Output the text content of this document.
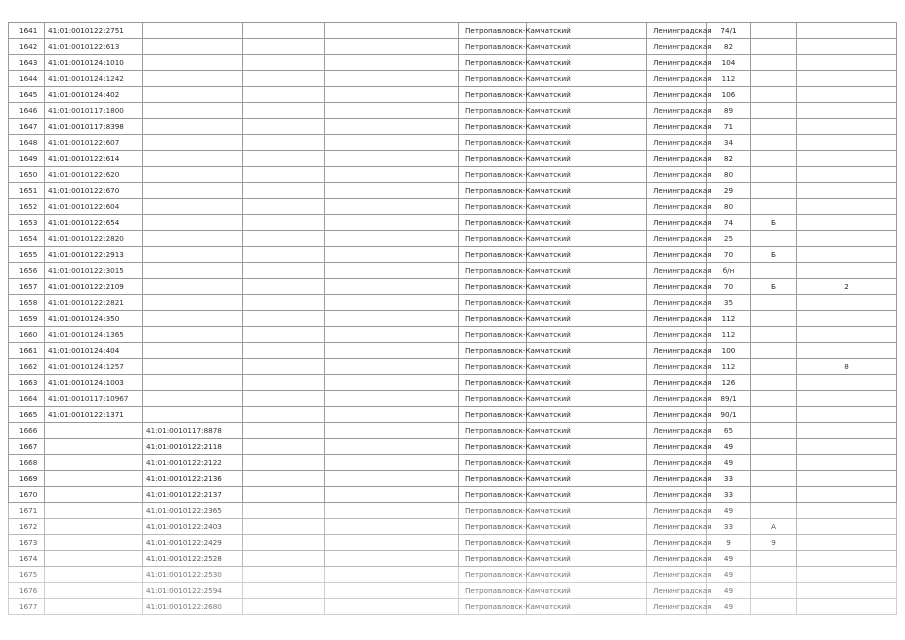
1641	41:01:0010122:2751				Петропавловск-Камчатский		Ленинградская	74/1		
1642	41:01:0010122:613				Петропавловск-Камчатский		Ленинградская	82		
1643	41:01:0010124:1010				Петропавловск-Камчатский		Ленинградская	104		
1644	41:01:0010124:1242				Петропавловск-Камчатский		Ленинградская	112		
1645	41:01:0010124:402				Петропавловск-Камчатский		Ленинградская	106		
1646	41:01:0010117:1800				Петропавловск-Камчатский		Ленинградская	89		
1647	41:01:0010117:8398				Петропавловск-Камчатский		Ленинградская	71		
1648	41:01:0010122:607				Петропавловск-Камчатский		Ленинградская	34		
1649	41:01:0010122:614				Петропавловск-Камчатский		Ленинградская	82		
1650	41:01:0010122:620				Петропавловск-Камчатский		Ленинградская	80		
1651	41:01:0010122:670				Петропавловск-Камчатский		Ленинградская	29		
1652	41:01:0010122:604				Петропавловск-Камчатский		Ленинградская	80		
1653	41:01:0010122:654				Петропавловск-Камчатский		Ленинградская	74	Б	
1654	41:01:0010122:2820				Петропавловск-Камчатский		Ленинградская	25		
1655	41:01:0010122:2913				Петропавловск-Камчатский		Ленинградская	70	Б	
1656	41:01:0010122:3015				Петропавловск-Камчатский		Ленинградская	б/н		
1657	41:01:0010122:2109				Петропавловск-Камчатский		Ленинградская	70	Б	2
1658	41:01:0010122:2821				Петропавловск-Камчатский		Ленинградская	35		
1659	41:01:0010124:350				Петропавловск-Камчатский		Ленинградская	112		
1660	41:01:0010124:1365				Петропавловск-Камчатский		Ленинградская	112		
1661	41:01:0010124:404				Петропавловск-Камчатский		Ленинградская	100		
1662	41:01:0010124:1257				Петропавловск-Камчатский		Ленинградская	112		8
1663	41:01:0010124:1003				Петропавловск-Камчатский		Ленинградская	126		
1664	41:01:0010117:10967				Петропавловск-Камчатский		Ленинградская	89/1		
1665	41:01:0010122:1371				Петропавловск-Камчатский		Ленинградская	90/1		
1666		41:01:0010117:8878			Петропавловск-Камчатский		Ленинградская	65		
1667		41:01:0010122:2118			Петропавловск-Камчатский		Ленинградская	49		
1668		41:01:0010122:2122			Петропавловск-Камчатский		Ленинградская	49		
1669		41:01:0010122:2136			Петропавловск-Камчатский		Ленинградская	33		
1670		41:01:0010122:2137			Петропавловск-Камчатский		Ленинградская	33		
1671		41:01:0010122:2365			Петропавловск-Камчатский		Ленинградская	49		
1672		41:01:0010122:2403			Петропавловск-Камчатский		Ленинградская	33	А	
1673		41:01:0010122:2429			Петропавловск-Камчатский		Ленинградская	9	9	
1674		41:01:0010122:2528			Петропавловск-Камчатский		Ленинградская	49		
1675		41:01:0010122:2530			Петропавловск-Камчатский		Ленинградская	49		
1676		41:01:0010122:2594			Петропавловск-Камчатский		Ленинградская	49		
1677		41:01:0010122:2680			Петропавловск-Камчатский		Ленинградская	49		
